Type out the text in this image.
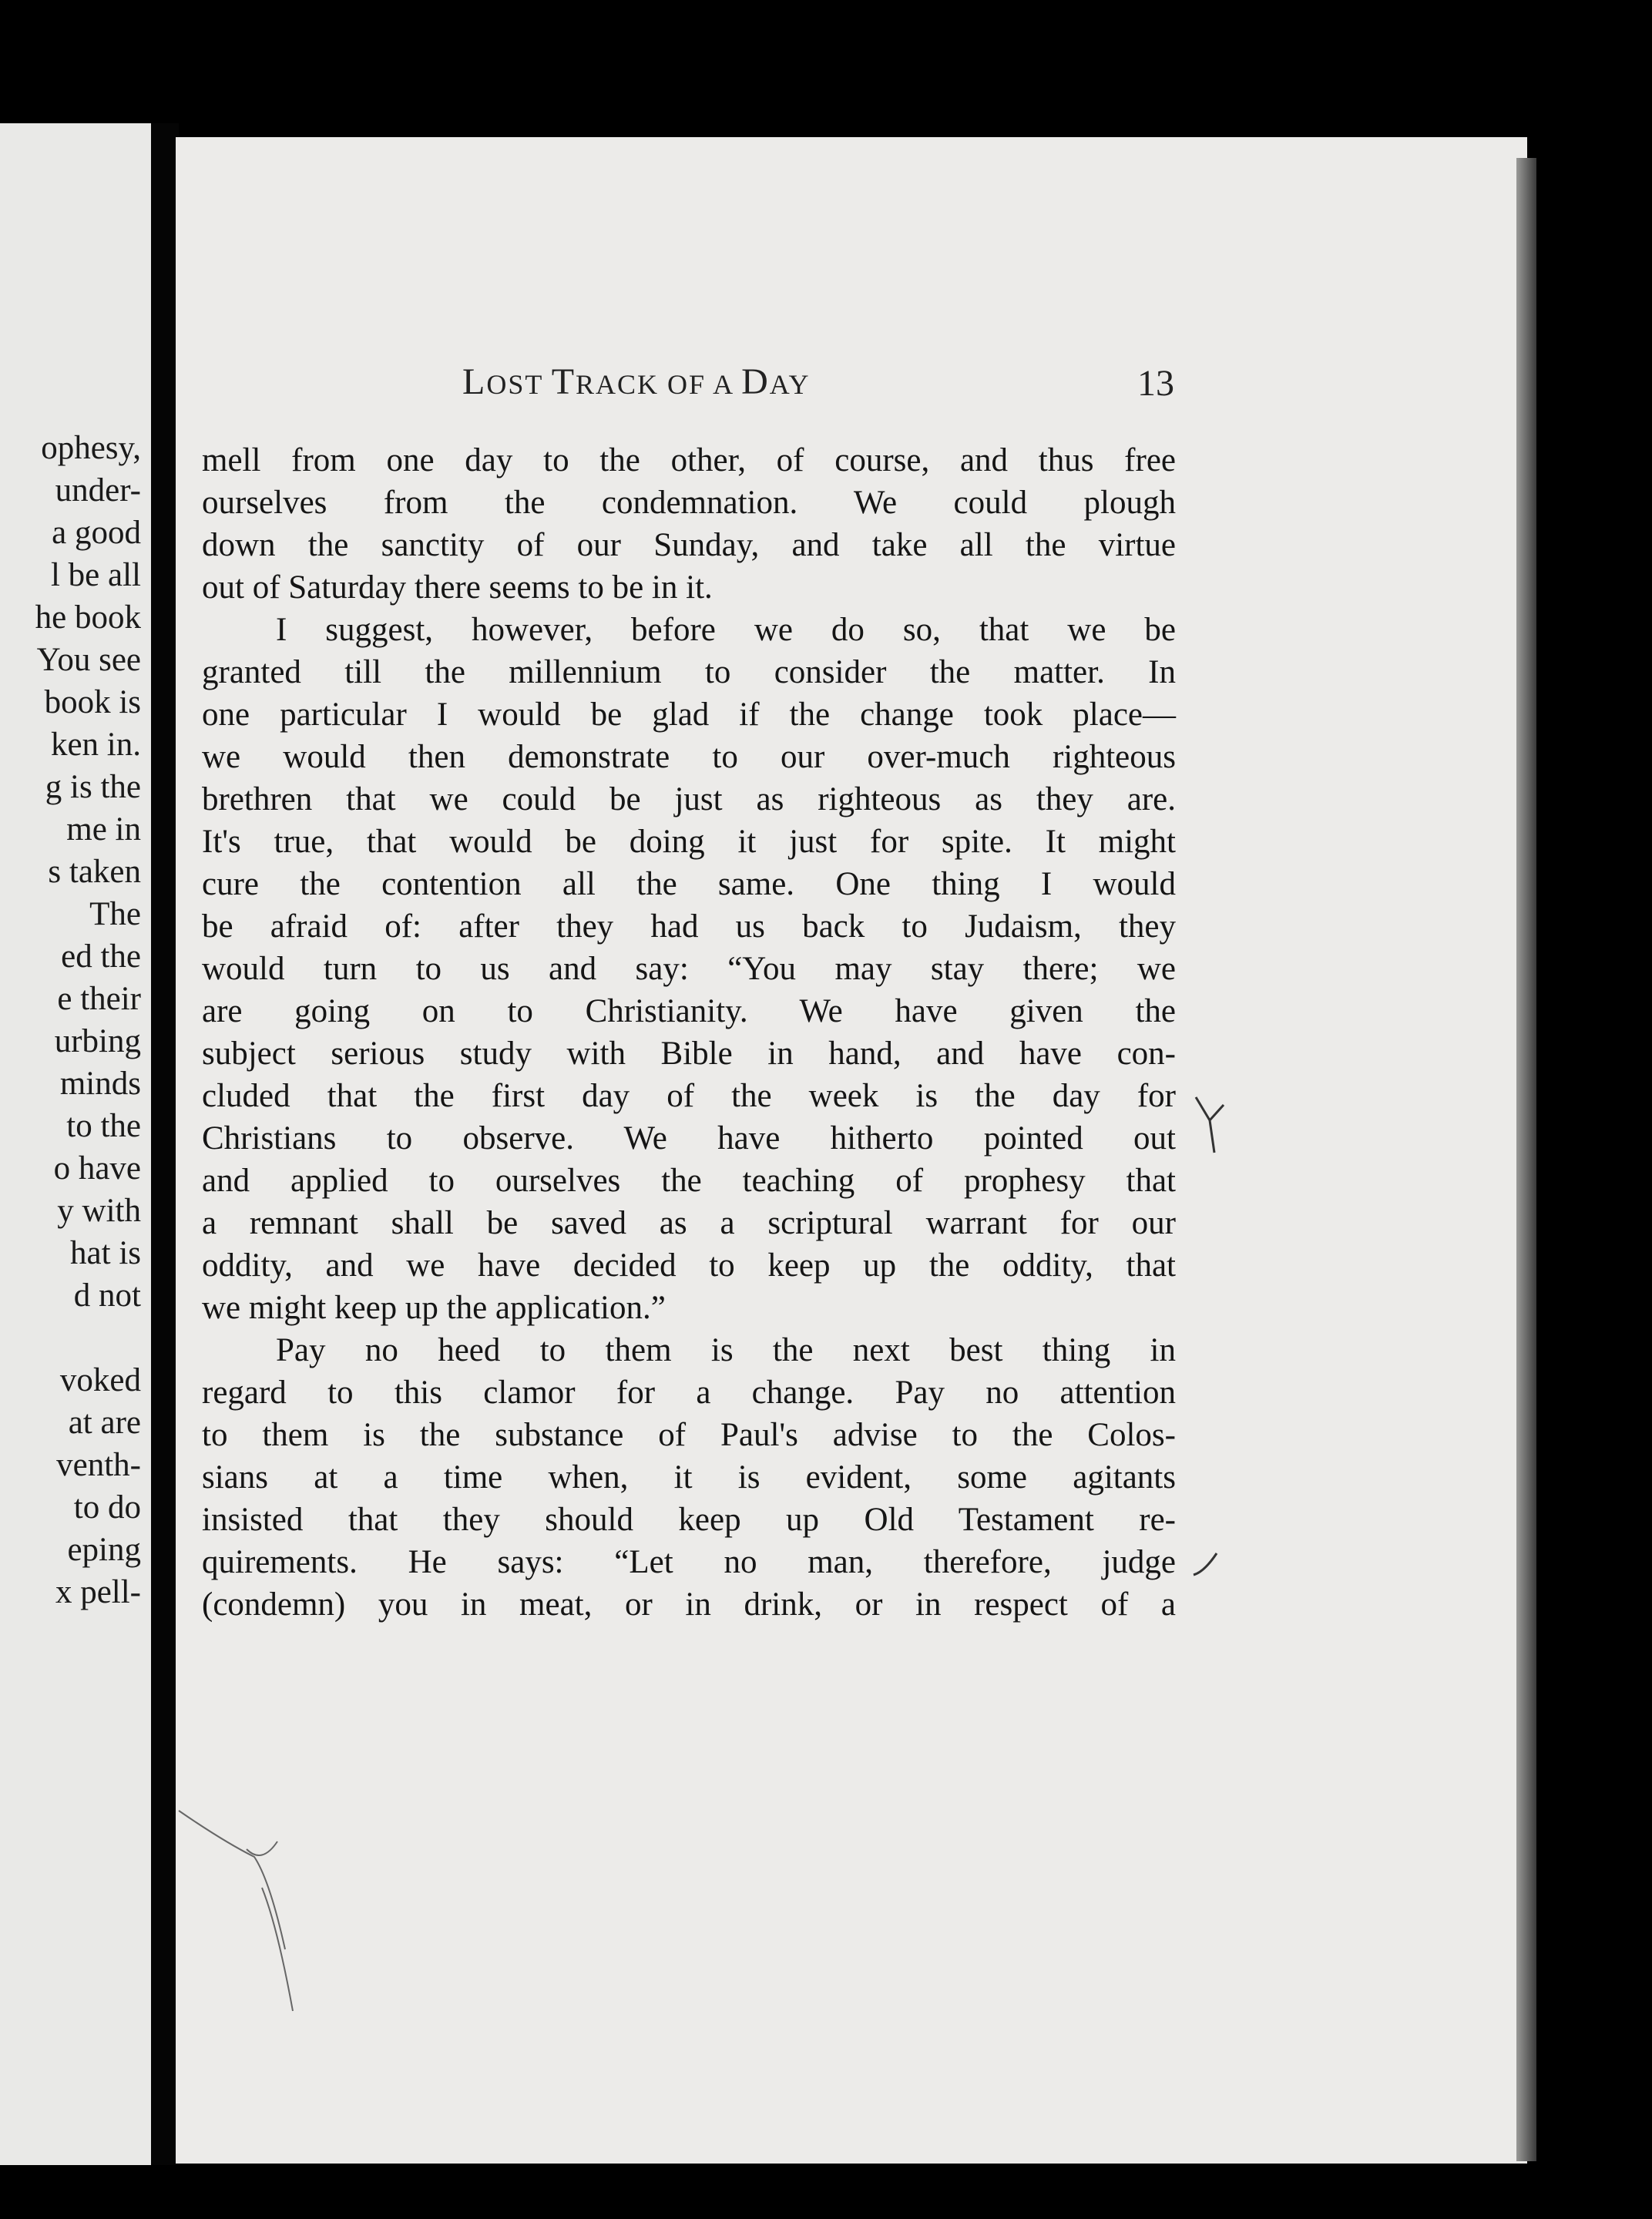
ophesy,
under-
a good
l be all
he book
You see
book is
ken in.
g is the
me in
s taken
The
ed the
e their
urbing
minds
to the
o have
y with
hat is
d not
voked
at are
venth-
to do
eping
x pell-
LOST TRACK OF A DAY	13
mell from one day to the other, of course, and thus free
ourselves from the condemnation. We could plough
down the sanctity of our Sunday, and take all the virtue
out of Saturday there seems to be in it.
I suggest, however, before we do so, that we be
granted till the millennium to consider the matter. In
one particular I would be glad if the change took place—
we would then demonstrate to our over-much righteous
brethren that we could be just as righteous as they are.
It's true, that would be doing it just for spite. It might
cure the contention all the same. One thing I would
be afraid of: after they had us back to Judaism, they
would turn to us and say: “You may stay there; we
are going on to Christianity. We have given the
subject serious study with Bible in hand, and have con-
cluded that the first day of the week is the day for
Christians to observe. We have hitherto pointed out
and applied to ourselves the teaching of prophesy that
a remnant shall be saved as a scriptural warrant for our
oddity, and we have decided to keep up the oddity, that
we might keep up the application.”
Pay no heed to them is the next best thing in
regard to this clamor for a change. Pay no attention
to them is the substance of Paul's advise to the Colos-
sians at a time when, it is evident, some agitants
insisted that they should keep up Old Testament re-
quirements. He says: “Let no man, therefore, judge
(condemn) you in meat, or in drink, or in respect of a
